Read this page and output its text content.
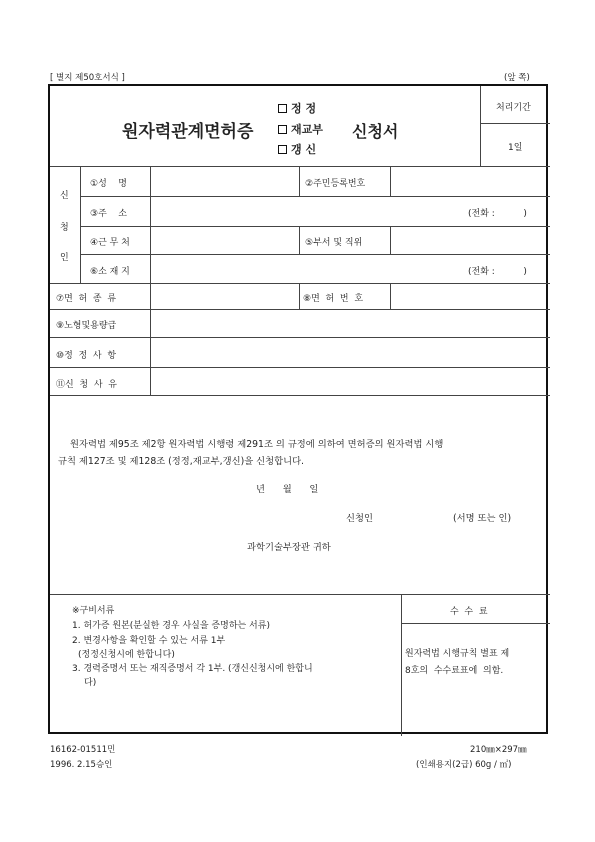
[ 별지 제50호서식 ]	(앞 쪽)
원자력관계면허증
정 정
재교부
갱 신
신청서
처리기간
1일
신
청
인
①성    명	②주민등록번호
③주    소	(전화 :          )
④근 무 처	⑤부서 및 직위
⑥소 재 지	(전화 :          )
⑦면  허  종  류	⑧면  허  번  호
⑨노형및용량급
⑩정  정  사  항
⑪신  청  사  유
원자력법 제95조 제2항 원자력법 시행령 제291조 의 규정에 의하여 면허증의 원자력법 시행
규칙 제127조 및 제128조 (정정,재교부,갱신)을 신청합니다.
년      월      일
신청인	(서명 또는 인)
과학기술부장관 귀하
※구비서류
1. 허가증 원본(분실한 경우 사실을 증명하는 서류)
2. 변경사항을 확인할 수 있는 서류 1부
(정정신청시에 한합니다)
3. 경력증명서 또는 재직증명서 각 1부. (갱신신청시에 한합니
다)
수  수  료
원자력법 시행규칙 별표 제
8호의  수수료표에  의함.
16162-01511민
1996. 2.15승인
210㎜×297㎜
(인쇄용지(2급) 60g / ㎡)
